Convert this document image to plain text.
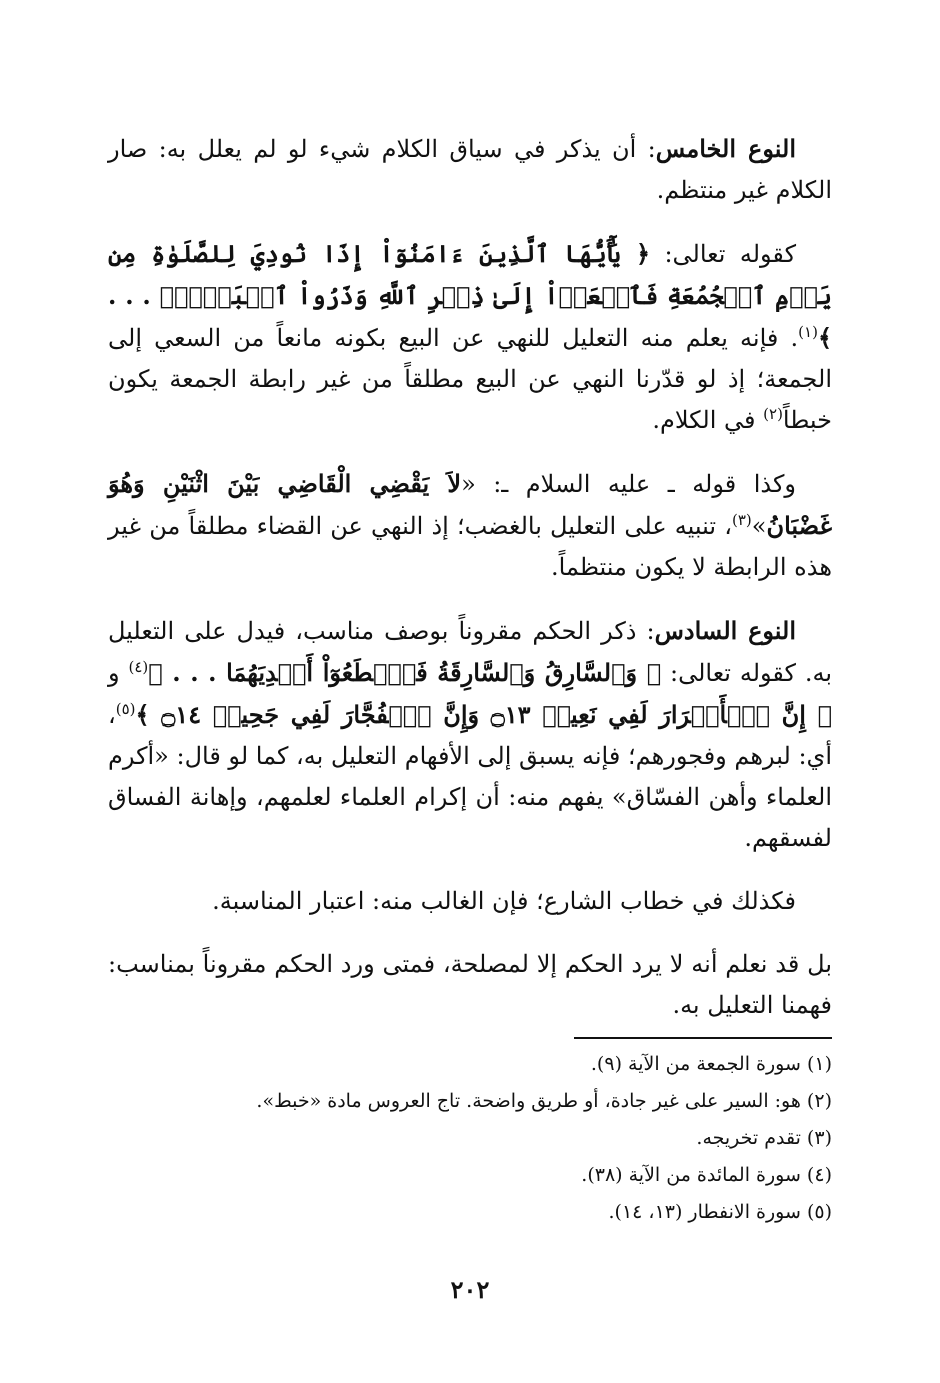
النوع الخامس: أن يذكر في سياق الكلام شيء لو لم يعلل به: صار الكلام غير منتظم.

كقوله تعالى: ﴿ يَٰٓأَيُّهَا ٱلَّذِينَ ءَامَنُوٓاْ إِذَا نُودِيَ لِلصَّلَوٰةِ مِن يَوۡمِ ٱلۡجُمُعَةِ فَٱسۡعَوۡاْ إِلَىٰ ذِكۡرِ ٱللَّهِ وَذَرُواْ ٱلۡبَيۡعَۚ . . . ﴾$^{(١)}$. فإنه يعلم منه التعليل للنهي عن البيع بكونه مانعاً من السعي إلى الجمعة؛ إذ لو قدّرنا النهي عن البيع مطلقاً من غير رابطة الجمعة يكون خبطاً$^{(٢)}$ في الكلام.

وكذا قوله ـ عليه السلام ـ: «لاَ يَقْضِي الْقَاضِي بَيْنَ اثْنَيْنِ وَهُوَ غَضْبَانُ»$^{(٣)}$، تنبيه على التعليل بالغضب؛ إذ النهي عن القضاء مطلقاً من غير هذه الرابطة لا يكون منتظماً.

النوع السادس: ذكر الحكم مقروناً بوصف مناسب، فيدل على التعليل به. كقوله تعالى: ﴿ وَٱلسَّارِقُ وَٱلسَّارِقَةُ فَٱقۡطَعُوٓاْ أَيۡدِيَهُمَا . . . ﴾$^{(٤)}$ و ﴿ إِنَّ ٱلۡأَبۡرَارَ لَفِي نَعِيمٖ ۝١٣ وَإِنَّ ٱلۡفُجَّارَ لَفِي جَحِيمٖ ۝١٤ ﴾$^{(٥)}$، أي: لبرهم وفجورهم؛ فإنه يسبق إلى الأفهام التعليل به، كما لو قال: «أكرم العلماء وأهن الفسّاق» يفهم منه: أن إكرام العلماء لعلمهم، وإهانة الفساق لفسقهم.

فكذلك في خطاب الشارع؛ فإن الغالب منه: اعتبار المناسبة.

بل قد نعلم أنه لا يرد الحكم إلا لمصلحة، فمتى ورد الحكم مقروناً بمناسب: فهمنا التعليل به.

(١) سورة الجمعة من الآية (٩).

(٢) هو: السير على غير جادة، أو طريق واضحة. تاج العروس مادة «خبط».

(٣) تقدم تخريجه.

(٤) سورة المائدة من الآية (٣٨).

(٥) سورة الانفطار (١٣، ١٤).

٢٠٢
